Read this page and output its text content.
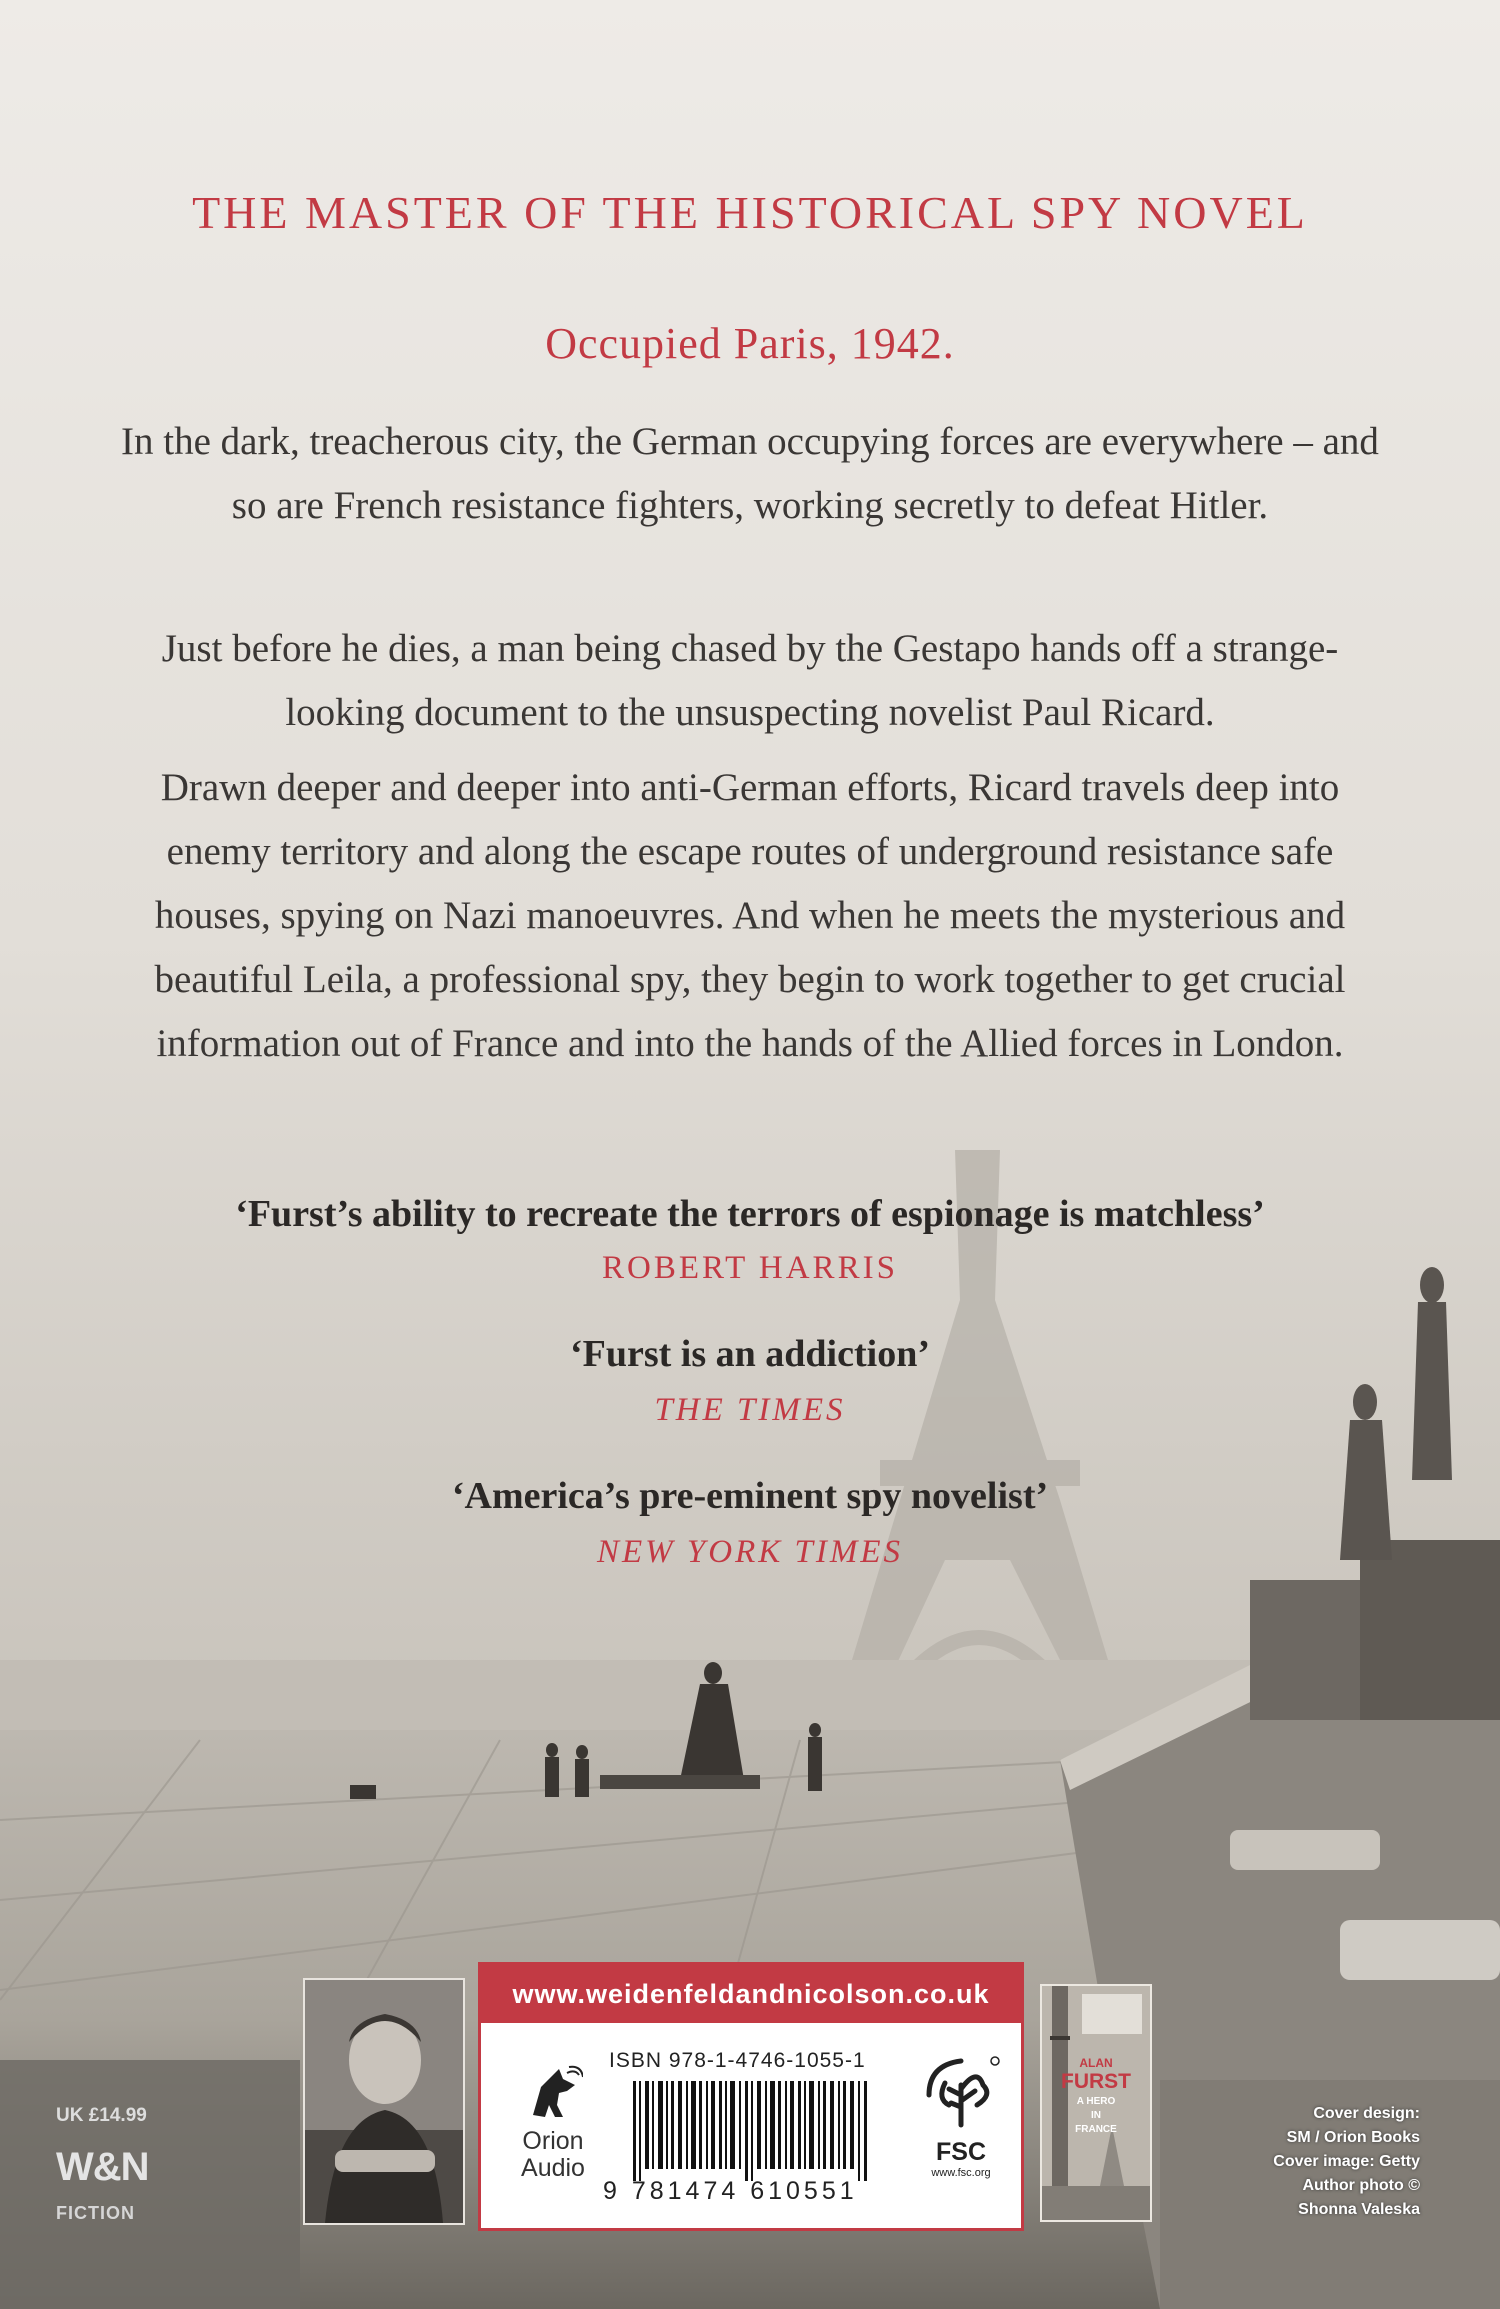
THE MASTER OF THE HISTORICAL SPY NOVEL
Occupied Paris, 1942.
In the dark, treacherous city, the German occupying forces are everywhere – and so are French resistance fighters, working secretly to defeat Hitler.
Just before he dies, a man being chased by the Gestapo hands off a strange-looking document to the unsuspecting novelist Paul Ricard.
Drawn deeper and deeper into anti-German efforts, Ricard travels deep into enemy territory and along the escape routes of underground resistance safe houses, spying on Nazi manoeuvres. And when he meets the mysterious and beautiful Leila, a professional spy, they begin to work together to get crucial information out of France and into the hands of the Allied forces in London.
‘Furst’s ability to recreate the terrors of espionage is matchless’
ROBERT HARRIS
‘Furst is an addiction’
THE TIMES
‘America’s pre-eminent spy novelist’
NEW YORK TIMES
UK £14.99
W&N
FICTION
www.weidenfeldandnicolson.co.uk
Orion
Audio
ISBN 978-1-4746-1055-1
9 781474 610551
FSC
www.fsc.org
ALAN
FURST
A HERO
IN
FRANCE
Cover design:
SM / Orion Books
Cover image: Getty
Author photo ©
Shonna Valeska
